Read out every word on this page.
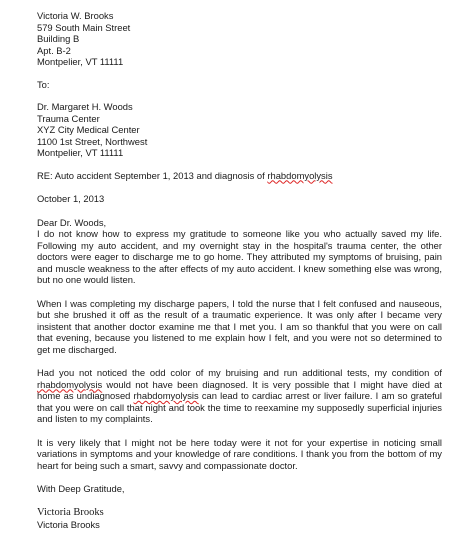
Victoria W. Brooks
579 South Main Street
Building B
Apt. B-2
Montpelier, VT 11111
To:
Dr. Margaret H. Woods
Trauma Center
XYZ City Medical Center
1100 1st Street, Northwest
Montpelier, VT 11111
RE: Auto accident September 1, 2013 and diagnosis of rhabdomyolysis
October 1, 2013
Dear Dr. Woods,

I do not know how to express my gratitude to someone like you who actually saved my life. Following my auto accident, and my overnight stay in the hospital's trauma center, the other doctors were eager to discharge me to go home. They attributed my symptoms of bruising, pain and muscle weakness to the after effects of my auto accident. I knew something else was wrong, but no one would listen.

When I was completing my discharge papers, I told the nurse that I felt confused and nauseous, but she brushed it off as the result of a traumatic experience. It was only after I became very insistent that another doctor examine me that I met you. I am so thankful that you were on call that evening, because you listened to me explain how I felt, and you were not so determined to get me discharged.

Had you not noticed the odd color of my bruising and run additional tests, my condition of rhabdomyolysis would not have been diagnosed. It is very possible that I might have died at home as undiagnosed rhabdomyolysis can lead to cardiac arrest or liver failure. I am so grateful that you were on call that night and took the time to reexamine my supposedly superficial injuries and listen to my complaints.

It is very likely that I might not be here today were it not for your expertise in noticing small variations in symptoms and your knowledge of rare conditions. I thank you from the bottom of my heart for being such a smart, savvy and compassionate doctor.

With Deep Gratitude,
Victoria Brooks
Victoria Brooks
